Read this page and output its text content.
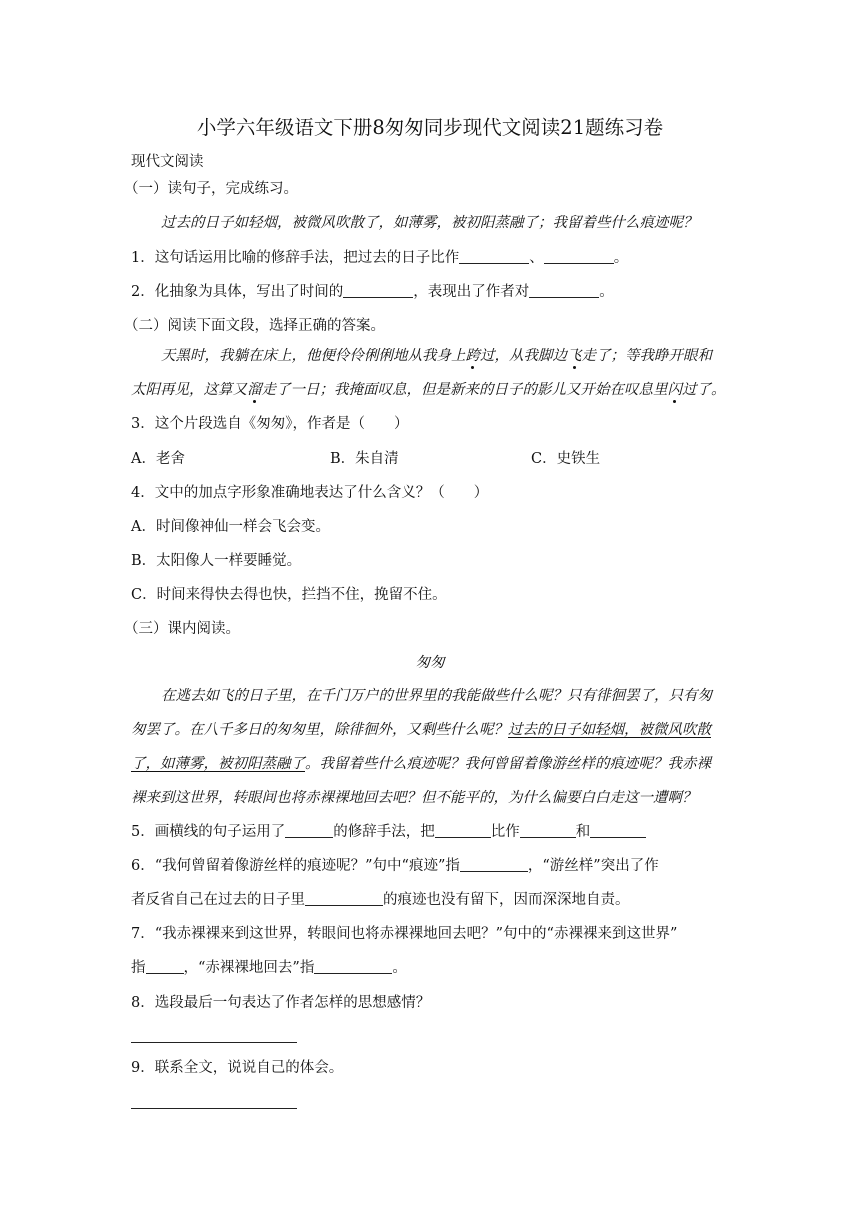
小学六年级语文下册8匆匆同步现代文阅读21题练习卷
现代文阅读
（一）读句子，完成练习。
过去的日子如轻烟，被微风吹散了，如薄雾，被初阳蒸融了；我留着些什么痕迹呢？
1．这句话运用比喻的修辞手法，把过去的日子比作	、	。
2．化抽象为具体，写出了时间的	，表现出了作者对	。
（二）阅读下面文段，选择正确的答案。
天黑时，我躺在床上，他便伶伶俐俐地从我身上跨过，从我脚边飞走了；等我睁开眼和
太阳再见，这算又溜走了一日；我掩面叹息，但是新来的日子的影儿又开始在叹息里闪过了。
3．这个片段选自《匆匆》，作者是（　　）
A．老舍	B．朱自清	C．史铁生
4．文中的加点字形象准确地表达了什么含义？（　　）
A．时间像神仙一样会飞会变。
B．太阳像人一样要睡觉。
C．时间来得快去得也快，拦挡不住，挽留不住。
（三）课内阅读。
匆匆
在逃去如飞的日子里，在千门万户的世界里的我能做些什么呢？只有徘徊罢了，只有匆
匆罢了。在八千多日的匆匆里，除徘徊外，又剩些什么呢？过去的日子如轻烟，被微风吹散
了，如薄雾，被初阳蒸融了。我留着些什么痕迹呢？我何曾留着像游丝样的痕迹呢？我赤裸
裸来到这世界，转眼间也将赤裸裸地回去吧？但不能平的，为什么偏要白白走这一遭啊？
5．画横线的句子运用了	的修辞手法，把	比作	和
6．“我何曾留着像游丝样的痕迹呢？”句中“痕迹”指	，“游丝样”突出了作
者反省自己在过去的日子里	的痕迹也没有留下，因而深深地自责。
7．“我赤裸裸来到这世界，转眼间也将赤裸裸地回去吧？”句中的“赤裸裸来到这世界”
指	，“赤裸裸地回去”指	。
8．选段最后一句表达了作者怎样的思想感情？
9．联系全文，说说自己的体会。
